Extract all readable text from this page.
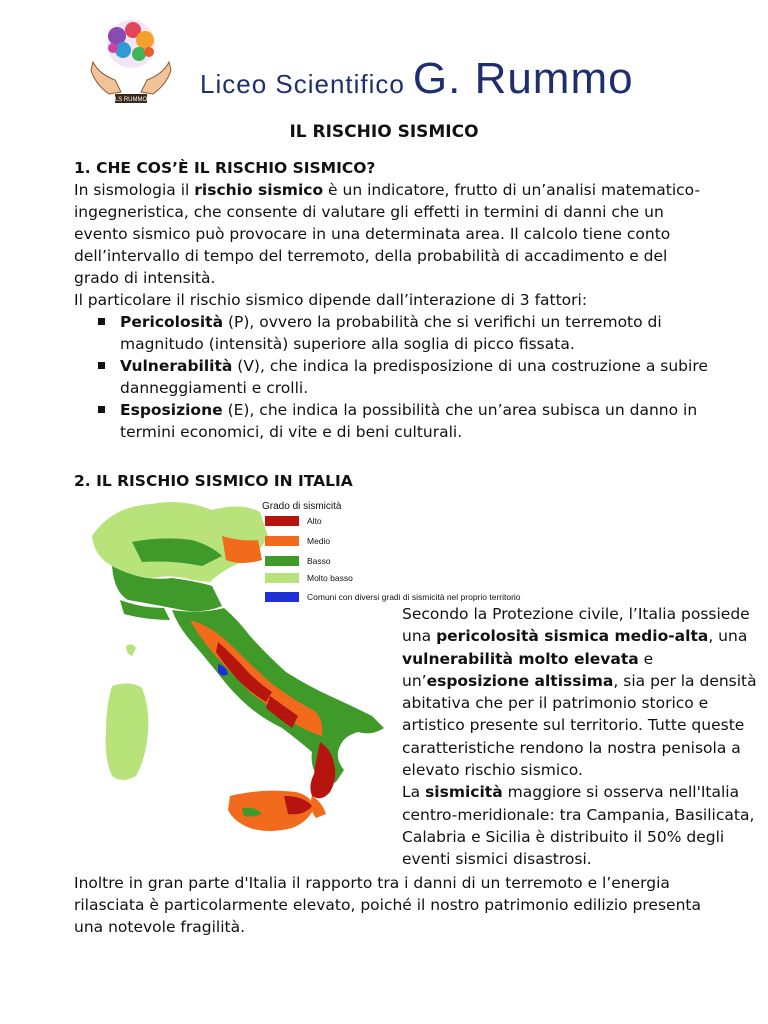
LS RUMMO
Liceo Scientifico G. Rummo
IL RISCHIO SISMICO

1. CHE COS’È IL RISCHIO SISMICO?

In sismologia il rischio sismico è un indicatore, frutto di un’analisi matematico-ingegneristica, che consente di valutare gli effetti in termini di danni che un evento sismico può provocare in una determinata area. Il calcolo tiene conto dell’intervallo di tempo del terremoto, della probabilità di accadimento e del grado di intensità.

Il particolare il rischio sismico dipende dall’interazione di 3 fattori:

Pericolosità (P), ovvero la probabilità che si verifichi un terremoto di magnitudo (intensità) superiore alla soglia di picco fissata.
Vulnerabilità (V), che indica la predisposizione di una costruzione a subire danneggiamenti e crolli.
Esposizione (E), che indica la possibilità che un’area subisca un danno in termini economici, di vite e di beni culturali.
2. IL RISCHIO SISMICO IN ITALIA
Grado di sismicità
Alto
Medio
Basso
Molto basso
Comuni con diversi gradi di sismicità nel proprio territorio
Secondo la Protezione civile, l’Italia possiede una pericolosità sismica medio-alta, una vulnerabilità molto elevata e un’esposizione altissima, sia per la densità abitativa che per il patrimonio storico e artistico presente sul territorio. Tutte queste caratteristiche rendono la nostra penisola a elevato rischio sismico.
La sismicità maggiore si osserva nell'Italia centro-meridionale: tra Campania, Basilicata, Calabria e Sicilia è distribuito il 50% degli eventi sismici disastrosi.
Inoltre in gran parte d'Italia il rapporto tra i danni di un terremoto e l’energia rilasciata è particolarmente elevato, poiché il nostro patrimonio edilizio presenta una notevole fragilità.
